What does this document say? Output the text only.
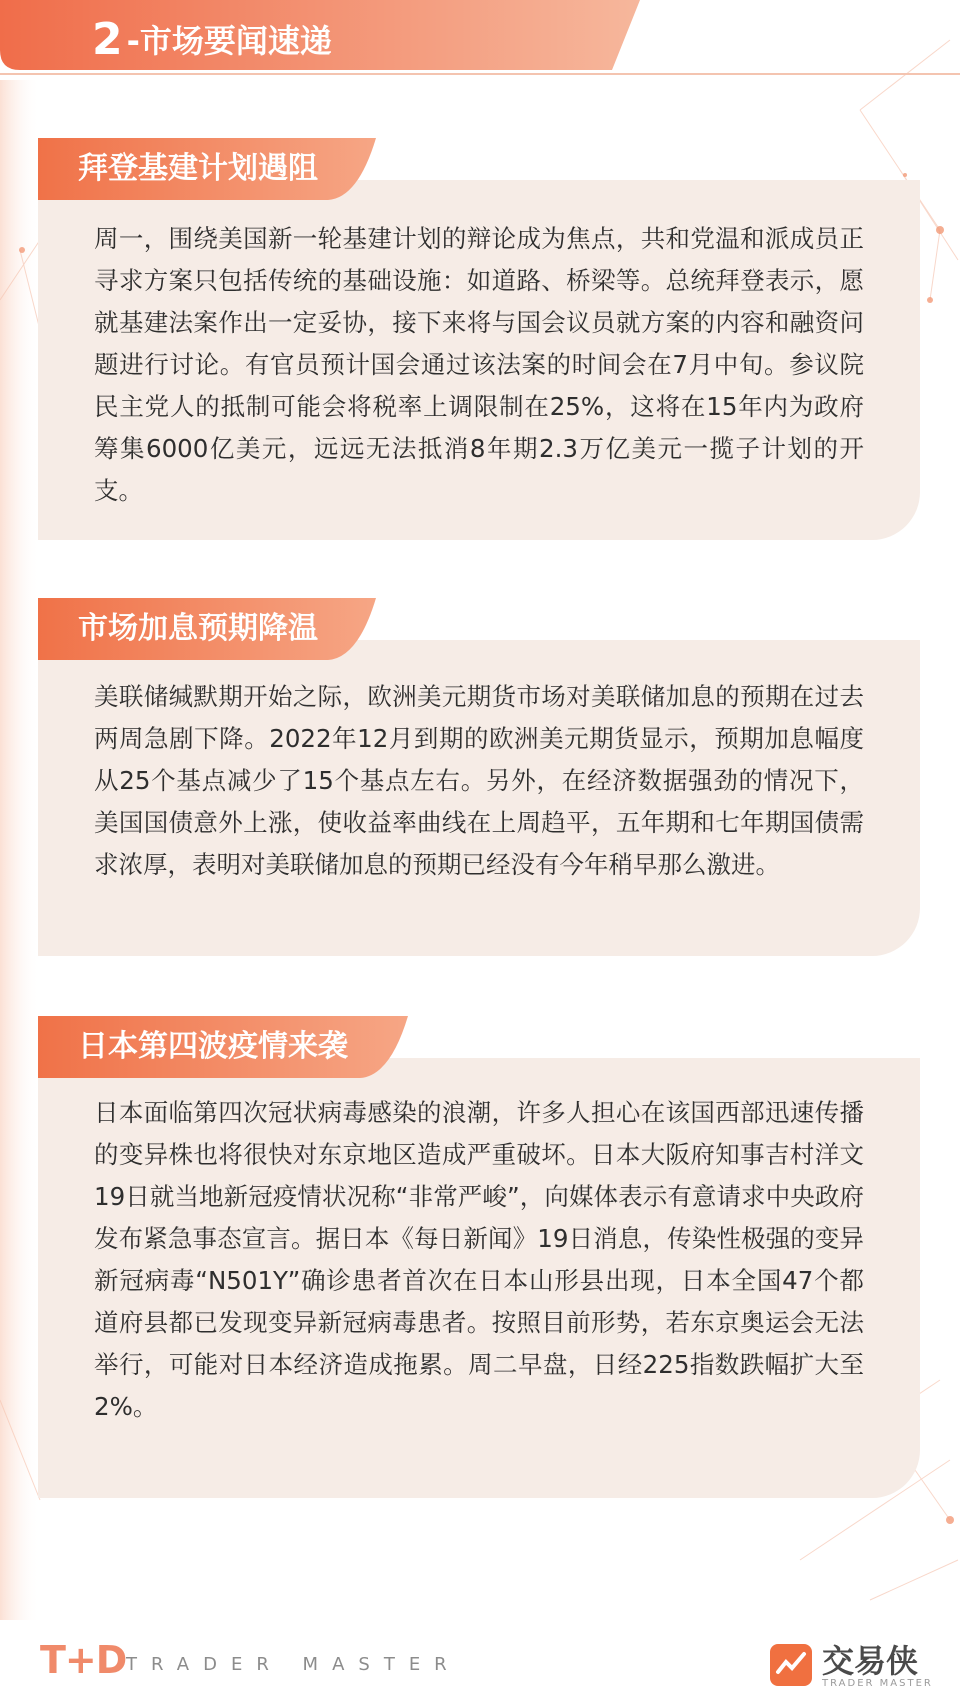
2 -市场要闻速递
周一，围绕美国新一轮基建计划的辩论成为焦点，共和党温和派成员正寻求方案只包括传统的基础设施：如道路、桥梁等。总统拜登表示，愿就基建法案作出一定妥协，接下来将与国会议员就方案的内容和融资问题进行讨论。有官员预计国会通过该法案的时间会在7月中旬。参议院民主党人的抵制可能会将税率上调限制在25%，这将在15年内为政府筹集6000亿美元，远远无法抵消8年期2.3万亿美元一揽子计划的开支。
拜登基建计划遇阻
美联储缄默期开始之际，欧洲美元期货市场对美联储加息的预期在过去两周急剧下降。2022年12月到期的欧洲美元期货显示，预期加息幅度从25个基点减少了15个基点左右。另外，在经济数据强劲的情况下，美国国债意外上涨，使收益率曲线在上周趋平，五年期和七年期国债需求浓厚，表明对美联储加息的预期已经没有今年稍早那么激进。
市场加息预期降温
日本面临第四次冠状病毒感染的浪潮，许多人担心在该国西部迅速传播的变异株也将很快对东京地区造成严重破坏。日本大阪府知事吉村洋文19日就当地新冠疫情状况称“非常严峻”，向媒体表示有意请求中央政府发布紧急事态宣言。据日本《每日新闻》19日消息，传染性极强的变异新冠病毒“N501Y”确诊患者首次在日本山形县出现，日本全国47个都道府县都已发现变异新冠病毒患者。按照目前形势，若东京奥运会无法举行，可能对日本经济造成拖累。周二早盘，日经225指数跌幅扩大至2%。
日本第四波疫情来袭
T+D TRADER MASTER	交易侠
TRADER MASTER
